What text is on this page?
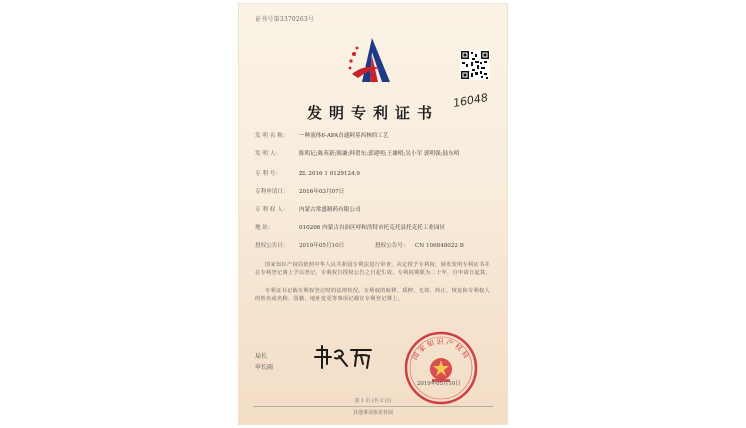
证书号第3370263号
发明专利证书
16048
发 明 名 称：	一种液体6-APA直通阿莫西林的工艺
发 明 人：	陈明记;陈英新;陈谦;韩贺东;郭建明;王雄明;吴小军 郭明强;陆东明
专 利 号：	ZL 2016 1 0129124.9
专利申请日：	2016年03月07日
专 利 权 人：	内蒙古常盛制药有限公司
地 址：	010206 内蒙古自治区呼和浩特市托克托县托克托工业园区
授权公告日：	2019年05月10日	授权公告号：	CN 106848022 B
国家知识产权局依照中华人民共和国专利法进行审查，决定授予专利权，颁发发明专利证书并在专利登记簿上予以登记。专利权自授权公告之日起生效。专利权期限为二十年，自申请日起算。
专利证书记载专利权登记时的法律状况。专利权的转移、质押、无效、终止、恢复和专利权人的姓名或名称、国籍、地址变更等事项记载在专利登记簿上。
局长
申长雨
国家知识产权局
2019年05月10日
第 1 页 (共 2 页)
其他事项参见背面
